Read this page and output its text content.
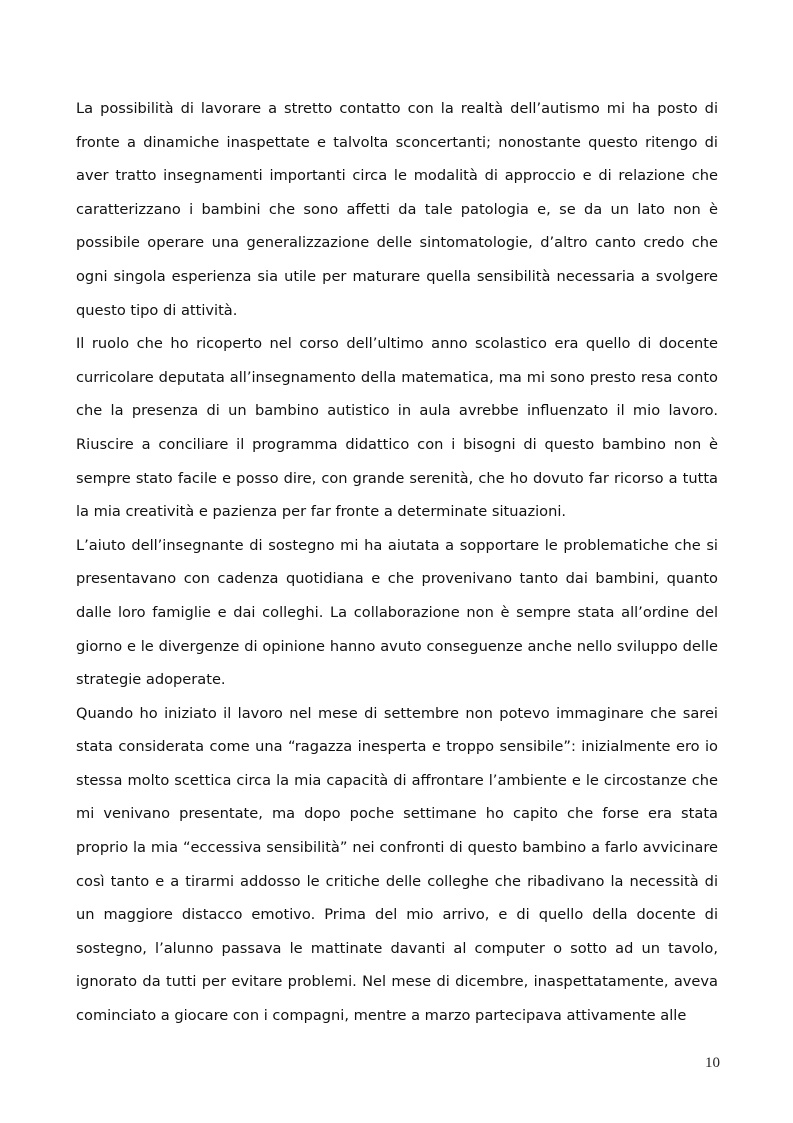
La possibilità di lavorare a stretto contatto con la realtà dell’autismo mi ha posto di fronte a dinamiche inaspettate e talvolta sconcertanti; nonostante questo ritengo di aver tratto insegnamenti importanti circa le modalità di approccio e di relazione che caratterizzano i bambini che sono affetti da tale patologia e, se da un lato non è possibile operare una generalizzazione delle sintomatologie, d’altro canto credo che ogni singola esperienza sia utile per maturare quella sensibilità necessaria a svolgere questo tipo di attività.

Il ruolo che ho ricoperto nel corso dell’ultimo anno scolastico era quello di docente curricolare deputata all’insegnamento della matematica, ma mi sono presto resa conto che la presenza di un bambino autistico in aula avrebbe influenzato il mio lavoro. Riuscire a conciliare il programma didattico con i bisogni di questo bambino non è sempre stato facile e posso dire, con grande serenità, che ho dovuto far ricorso a tutta la mia creatività e pazienza per far fronte a determinate situazioni.

L’aiuto dell’insegnante di sostegno mi ha aiutata a sopportare le problematiche che si presentavano con cadenza quotidiana e che provenivano tanto dai bambini, quanto dalle loro famiglie e dai colleghi. La collaborazione non è sempre stata all’ordine del giorno e le divergenze di opinione hanno avuto conseguenze anche nello sviluppo delle strategie adoperate.

Quando ho iniziato il lavoro nel mese di settembre non potevo immaginare che sarei stata considerata come una “ragazza inesperta e troppo sensibile”: inizialmente ero io stessa molto scettica circa la mia capacità di affrontare l’ambiente e le circostanze che mi venivano presentate, ma dopo poche settimane ho capito che forse era stata proprio la mia “eccessiva sensibilità” nei confronti di questo bambino a farlo avvicinare così tanto e a tirarmi addosso le critiche delle colleghe che ribadivano la necessità di un maggiore distacco emotivo. Prima del mio arrivo, e di quello della docente di sostegno, l’alunno passava le mattinate davanti al computer o sotto ad un tavolo, ignorato da tutti per evitare problemi. Nel mese di dicembre, inaspettatamente, aveva cominciato a giocare con i compagni, mentre a marzo partecipava attivamente alle

10
